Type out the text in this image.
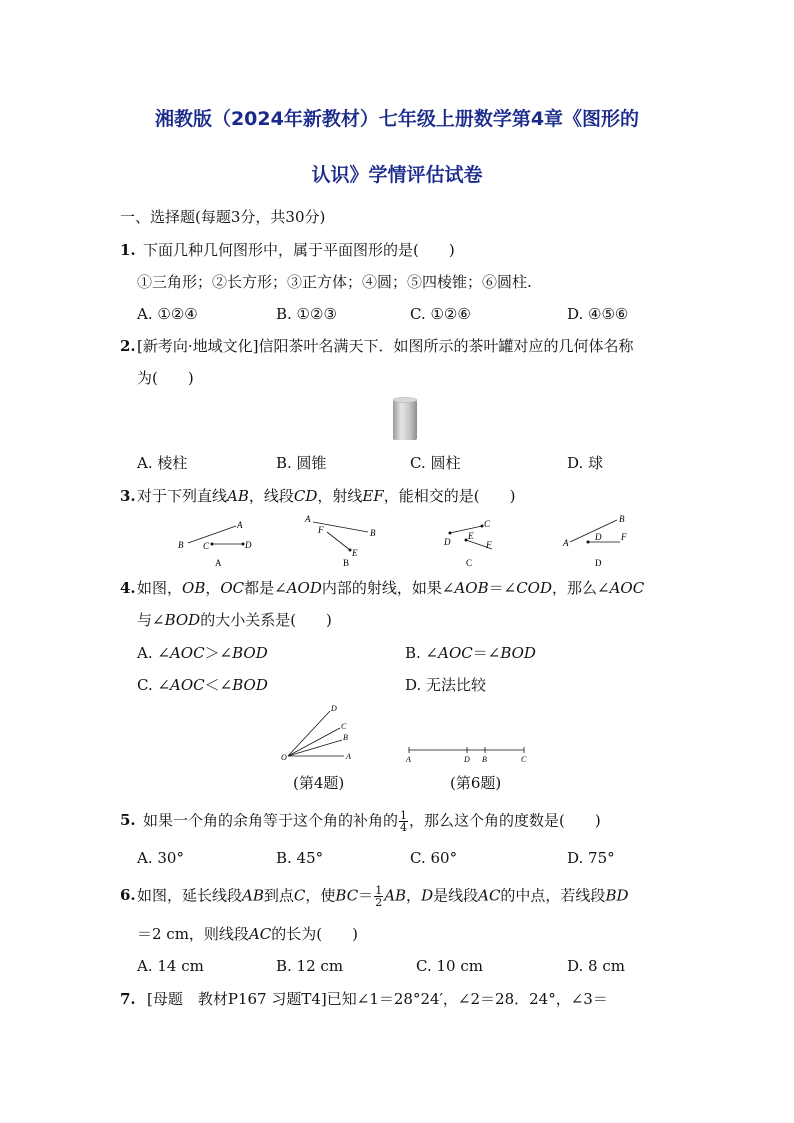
湘教版（2024年新教材）七年级上册数学第4章《图形的
认识》学情评估试卷
一、选择题(每题3分，共30分)
1. 下面几种几何图形中，属于平面图形的是(　　)
①三角形；②长方形；③正方体；④圆；⑤四棱锥；⑥圆柱.
A. ①②④	B. ①②③	C. ①②⑥	D. ④⑤⑥
2. [新考向·地域文化]信阳茶叶名满天下．如图所示的茶叶罐对应的几何体名称
为(　　)
A. 棱柱	B. 圆锥	C. 圆柱	D. 球
3. 对于下列直线AB，线段CD，射线EF，能相交的是(　　)
B
A
C	D
A
A
B
F
E
B
C
D
E
F
C
B
A
D F
D
4. 如图，OB，OC都是∠AOD内部的射线，如果∠AOB＝∠COD，那么∠AOC
与∠BOD的大小关系是(　　)
A. ∠AOC＞∠BOD	B. ∠AOC＝∠BOD
C. ∠AOC＜∠BOD	D. 无法比较
D
C
B
A
O	A	D B	C
(第4题)	(第6题)
5. 如果一个角的余角等于这个角的补角的 $\frac{1}{4}$ ，那么这个角的度数是(　　)
A. 30°	B. 45°	C. 60°	D. 75°
6. 如图，延长线段AB到点C，使$BC= \frac{1}{2}$ AB，D是线段AC的中点，若线段BD
＝2 cm，则线段AC的长为(　　)
A. 14 cm	B. 12 cm	C. 10 cm	D. 8 cm
7. [母题　教材P167 习题T4]已知∠1＝28°24′，∠2＝28．24°，∠3＝
